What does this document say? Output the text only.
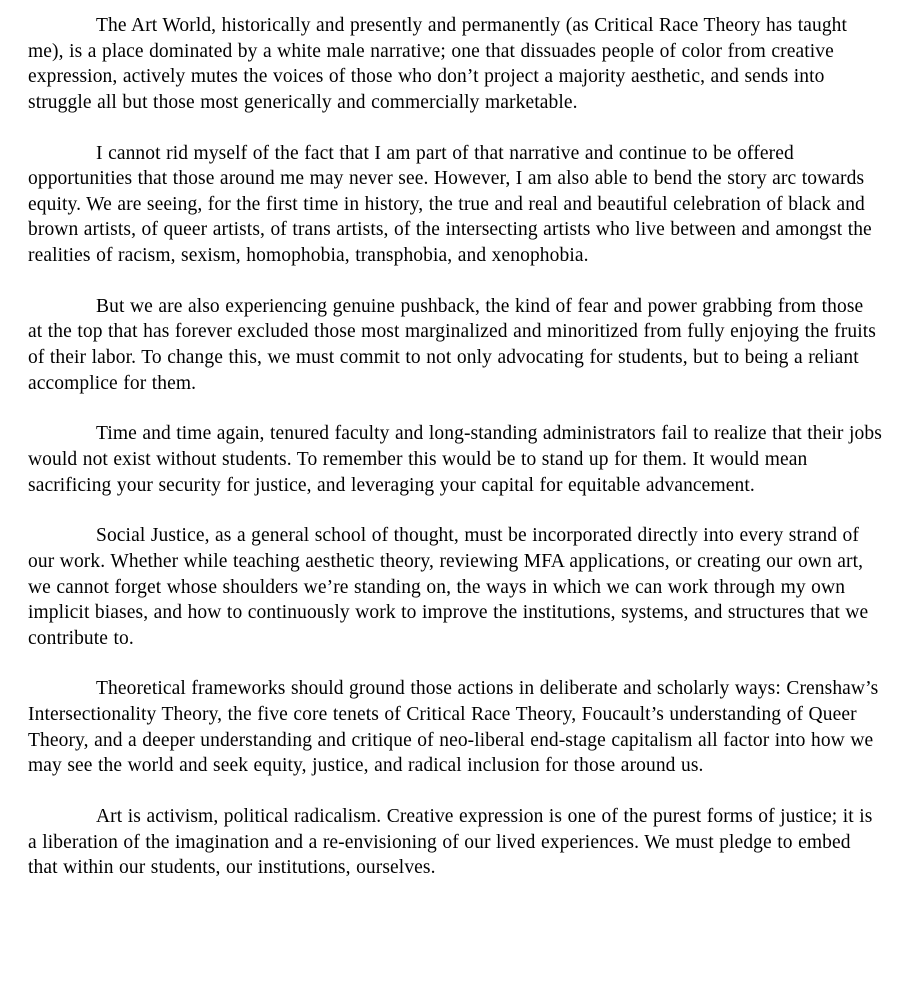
The Art World, historically and presently and permanently (as Critical Race Theory has taught me), is a place dominated by a white male narrative; one that dissuades people of color from creative expression, actively mutes the voices of those who don’t project a majority aesthetic, and sends into struggle all but those most generically and commercially marketable.

I cannot rid myself of the fact that I am part of that narrative and continue to be offered opportunities that those around me may never see. However, I am also able to bend the story arc towards equity. We are seeing, for the first time in history, the true and real and beautiful celebration of black and brown artists, of queer artists, of trans artists, of the intersecting artists who live between and amongst the realities of racism, sexism, homophobia, transphobia, and xenophobia.

But we are also experiencing genuine pushback, the kind of fear and power grabbing from those at the top that has forever excluded those most marginalized and minoritized from fully enjoying the fruits of their labor. To change this, we must commit to not only advocating for students, but to being a reliant accomplice for them.

Time and time again, tenured faculty and long-standing administrators fail to realize that their jobs would not exist without students. To remember this would be to stand up for them. It would mean sacrificing your security for justice, and leveraging your capital for equitable advancement.

Social Justice, as a general school of thought, must be incorporated directly into every strand of our work. Whether while teaching aesthetic theory, reviewing MFA applications, or creating our own art, we cannot forget whose shoulders we’re standing on, the ways in which we can work through my own implicit biases, and how to continuously work to improve the institutions, systems, and structures that we contribute to.

Theoretical frameworks should ground those actions in deliberate and scholarly ways: Crenshaw’s Intersectionality Theory, the five core tenets of Critical Race Theory, Foucault’s understanding of Queer Theory, and a deeper understanding and critique of neo-liberal end-stage capitalism all factor into how we may see the world and seek equity, justice, and radical inclusion for those around us.

Art is activism, political radicalism. Creative expression is one of the purest forms of justice; it is a liberation of the imagination and a re-envisioning of our lived experiences. We must pledge to embed that within our students, our institutions, ourselves.
